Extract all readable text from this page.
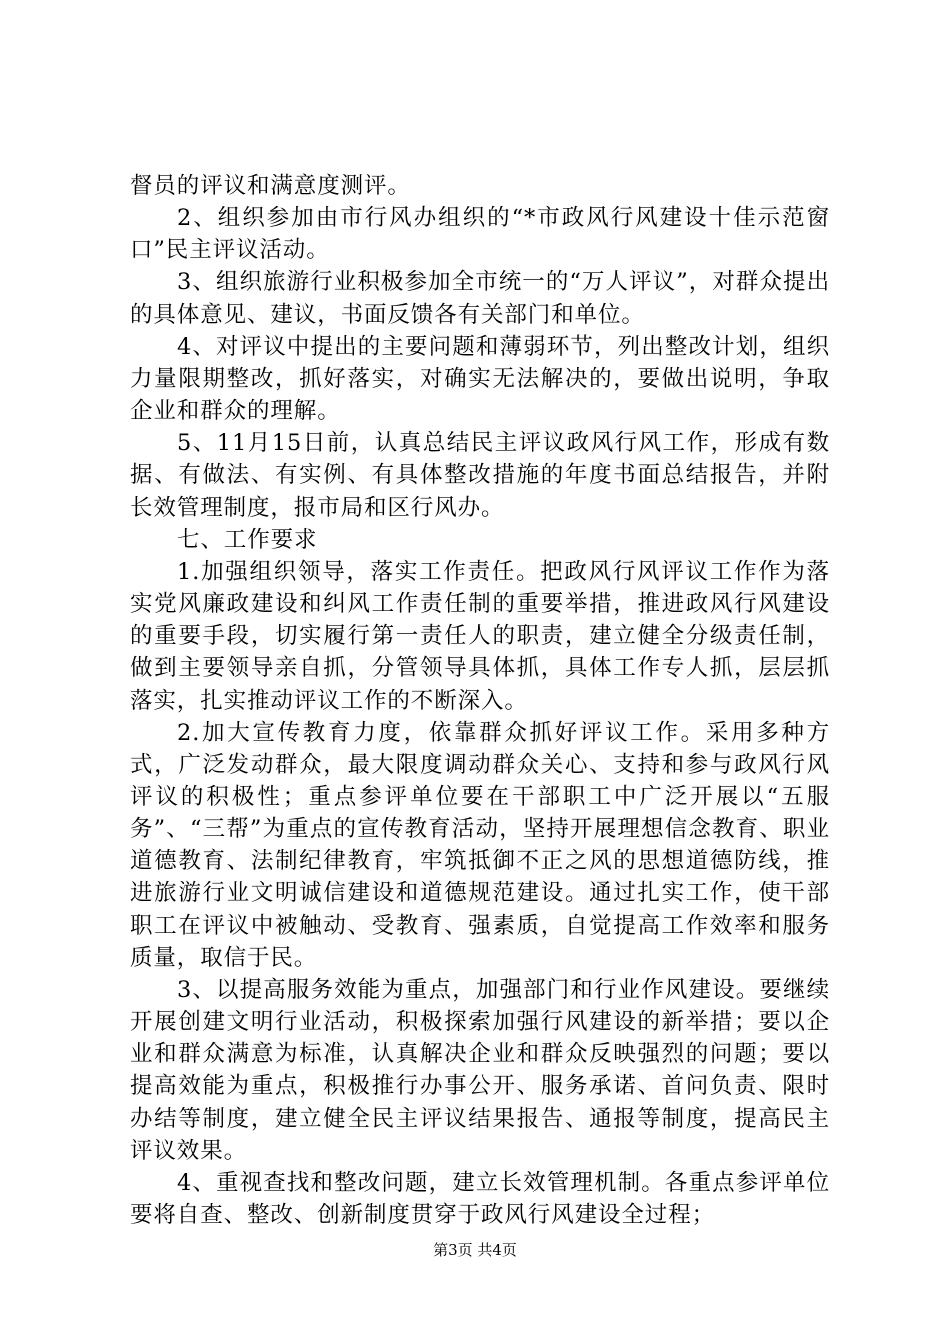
督员的评议和满意度测评。

2、组织参加由市行风办组织的“*市政风行风建设十佳示范窗口”民主评议活动。

3、组织旅游行业积极参加全市统一的“万人评议”，对群众提出的具体意见、建议，书面反馈各有关部门和单位。

4、对评议中提出的主要问题和薄弱环节，列出整改计划，组织力量限期整改，抓好落实，对确实无法解决的，要做出说明，争取企业和群众的理解。

5、11月15日前，认真总结民主评议政风行风工作，形成有数据、有做法、有实例、有具体整改措施的年度书面总结报告，并附长效管理制度，报市局和区行风办。

七、工作要求

1.加强组织领导，落实工作责任。把政风行风评议工作作为落实党风廉政建设和纠风工作责任制的重要举措，推进政风行风建设的重要手段，切实履行第一责任人的职责，建立健全分级责任制，做到主要领导亲自抓，分管领导具体抓，具体工作专人抓，层层抓落实，扎实推动评议工作的不断深入。

2.加大宣传教育力度，依靠群众抓好评议工作。采用多种方式，广泛发动群众，最大限度调动群众关心、支持和参与政风行风评议的积极性；重点参评单位要在干部职工中广泛开展以“五服务”、“三帮”为重点的宣传教育活动，坚持开展理想信念教育、职业道德教育、法制纪律教育，牢筑抵御不正之风的思想道德防线，推进旅游行业文明诚信建设和道德规范建设。通过扎实工作，使干部职工在评议中被触动、受教育、强素质，自觉提高工作效率和服务质量，取信于民。

3、以提高服务效能为重点，加强部门和行业作风建设。要继续开展创建文明行业活动，积极探索加强行风建设的新举措；要以企业和群众满意为标准，认真解决企业和群众反映强烈的问题；要以提高效能为重点，积极推行办事公开、服务承诺、首问负责、限时办结等制度，建立健全民主评议结果报告、通报等制度，提高民主评议效果。

4、重视查找和整改问题，建立长效管理机制。各重点参评单位要将自查、整改、创新制度贯穿于政风行风建设全过程；

第3页 共4页
